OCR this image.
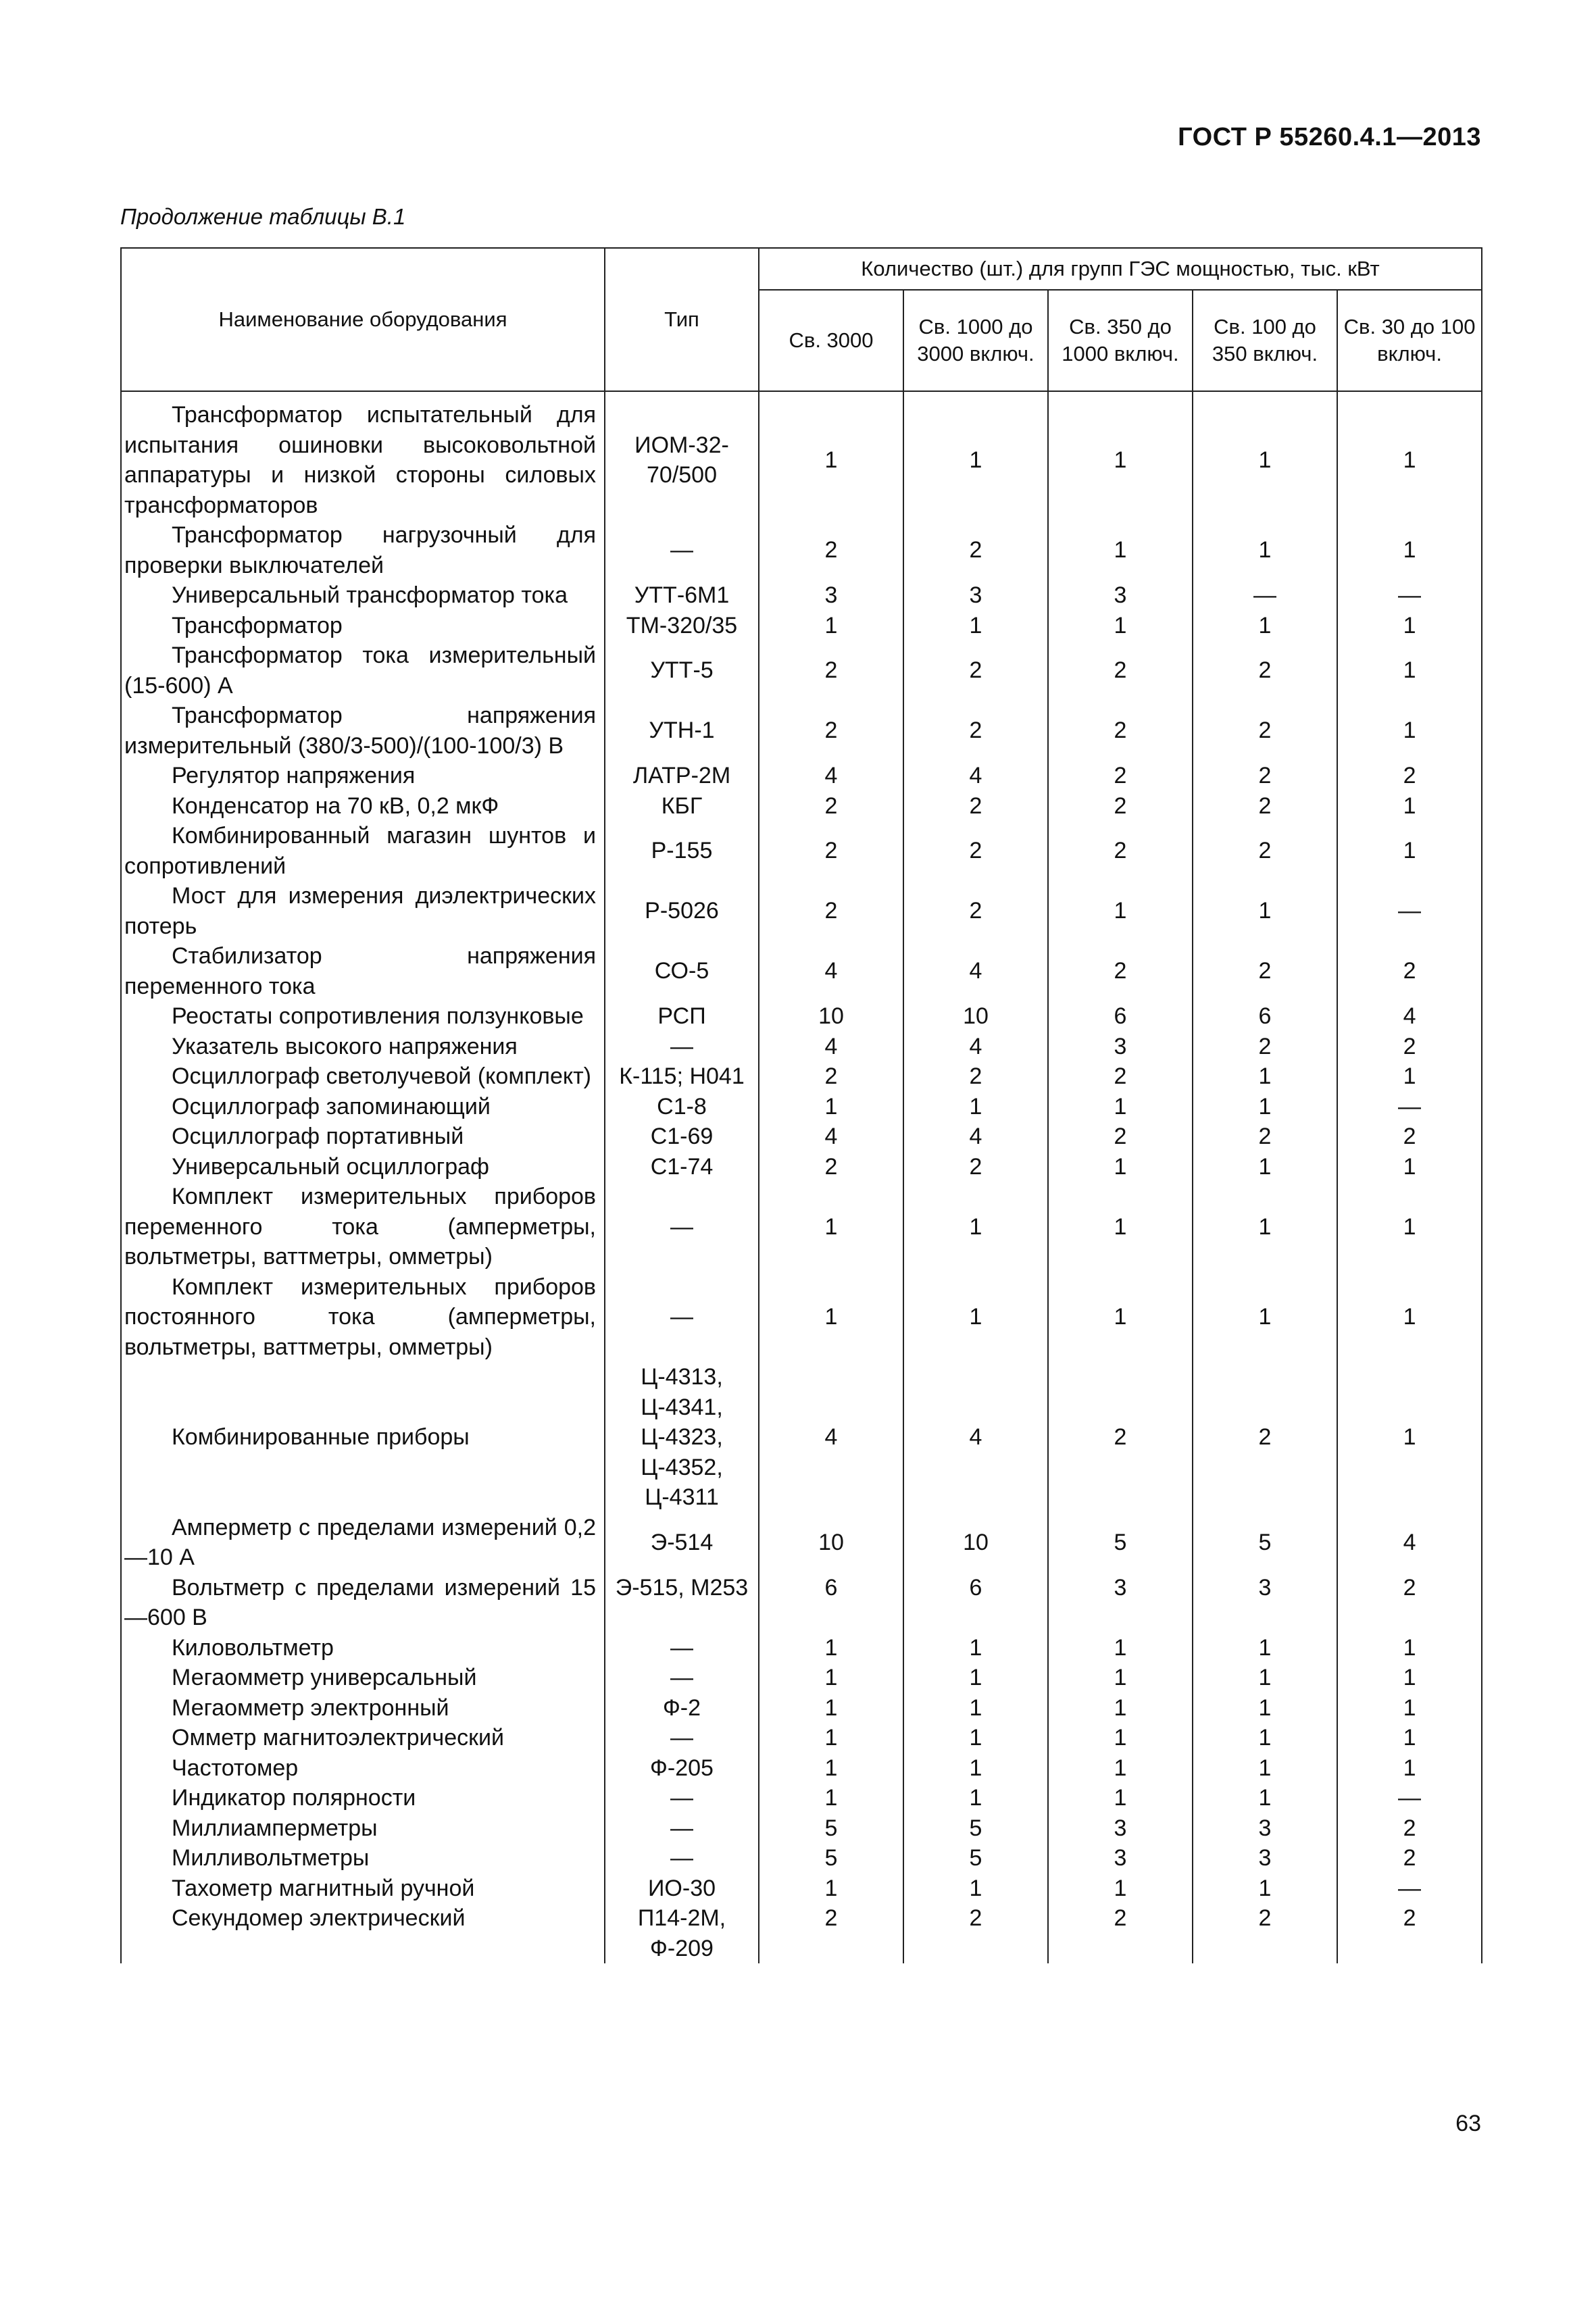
ГОСТ Р 55260.4.1—2013
Продолжение таблицы В.1
Наименование оборудования	Тип	Количество (шт.) для групп ГЭС мощностью, тыс. кВт				
		Св. 3000	Св. 1000 до 3000 включ.	Св. 350 до 1000 включ.	Св. 100 до 350 включ.	Св. 30 до 100 включ.

Трансформатор испытательный для испытания ошиновки высоковольтной аппаратуры и низкой стороны силовых трансформаторов	ИОМ-32-70/500	1	1	1	1	1

Трансформатор нагрузочный для проверки выключателей	—	2	2	1	1	1

Универсальный трансформатор тока	УТТ-6М1	3	3	3	—	—

Трансформатор	ТМ-320/35	1	1	1	1	1

Трансформатор тока измерительный (15-600) А	УТТ-5	2	2	2	2	1

Трансформатор напряжения измерительный (380/3-500)/(100-100/3) В	УТН-1	2	2	2	2	1

Регулятор напряжения	ЛАТР-2М	4	4	2	2	2

Конденсатор на 70 кВ, 0,2 мкФ	КБГ	2	2	2	2	1

Комбинированный магазин шунтов и сопротивлений	Р-155	2	2	2	2	1

Мост для измерения диэлектрических потерь	Р-5026	2	2	1	1	—

Стабилизатор напряжения переменного тока	СО-5	4	4	2	2	2

Реостаты сопротивления ползунковые	РСП	10	10	6	6	4

Указатель высокого напряжения	—	4	4	3	2	2

Осциллограф светолучевой (комплект)	К-115; Н041	2	2	2	1	1

Осциллограф запоминающий	С1-8	1	1	1	1	—

Осциллограф портативный	С1-69	4	4	2	2	2

Универсальный осциллограф	С1-74	2	2	1	1	1

Комплект измерительных приборов переменного тока (амперметры, вольтметры, ваттметры, омметры)	—	1	1	1	1	1

Комплект измерительных приборов постоянного тока (амперметры, вольтметры, ваттметры, омметры)	—	1	1	1	1	1

Комбинированные приборы	Ц-4313, Ц-4341, Ц-4323, Ц-4352, Ц-4311	4	4	2	2	1

Амперметр с пределами измерений 0,2—10 А	Э-514	10	10	5	5	4

Вольтметр с пределами измерений 15—600 В	Э-515, М253	6	6	3	3	2

Киловольтметр	—	1	1	1	1	1

Мегаомметр универсальный	—	1	1	1	1	1

Мегаомметр электронный	Ф-2	1	1	1	1	1

Омметр магнитоэлектрический	—	1	1	1	1	1

Частотомер	Ф-205	1	1	1	1	1

Индикатор полярности	—	1	1	1	1	—

Миллиамперметры	—	5	5	3	3	2

Милливольтметры	—	5	5	3	3	2

Тахометр магнитный ручной	ИО-30	1	1	1	1	—

Секундомер электрический	П14-2М, Ф-209	2	2	2	2	2
63
